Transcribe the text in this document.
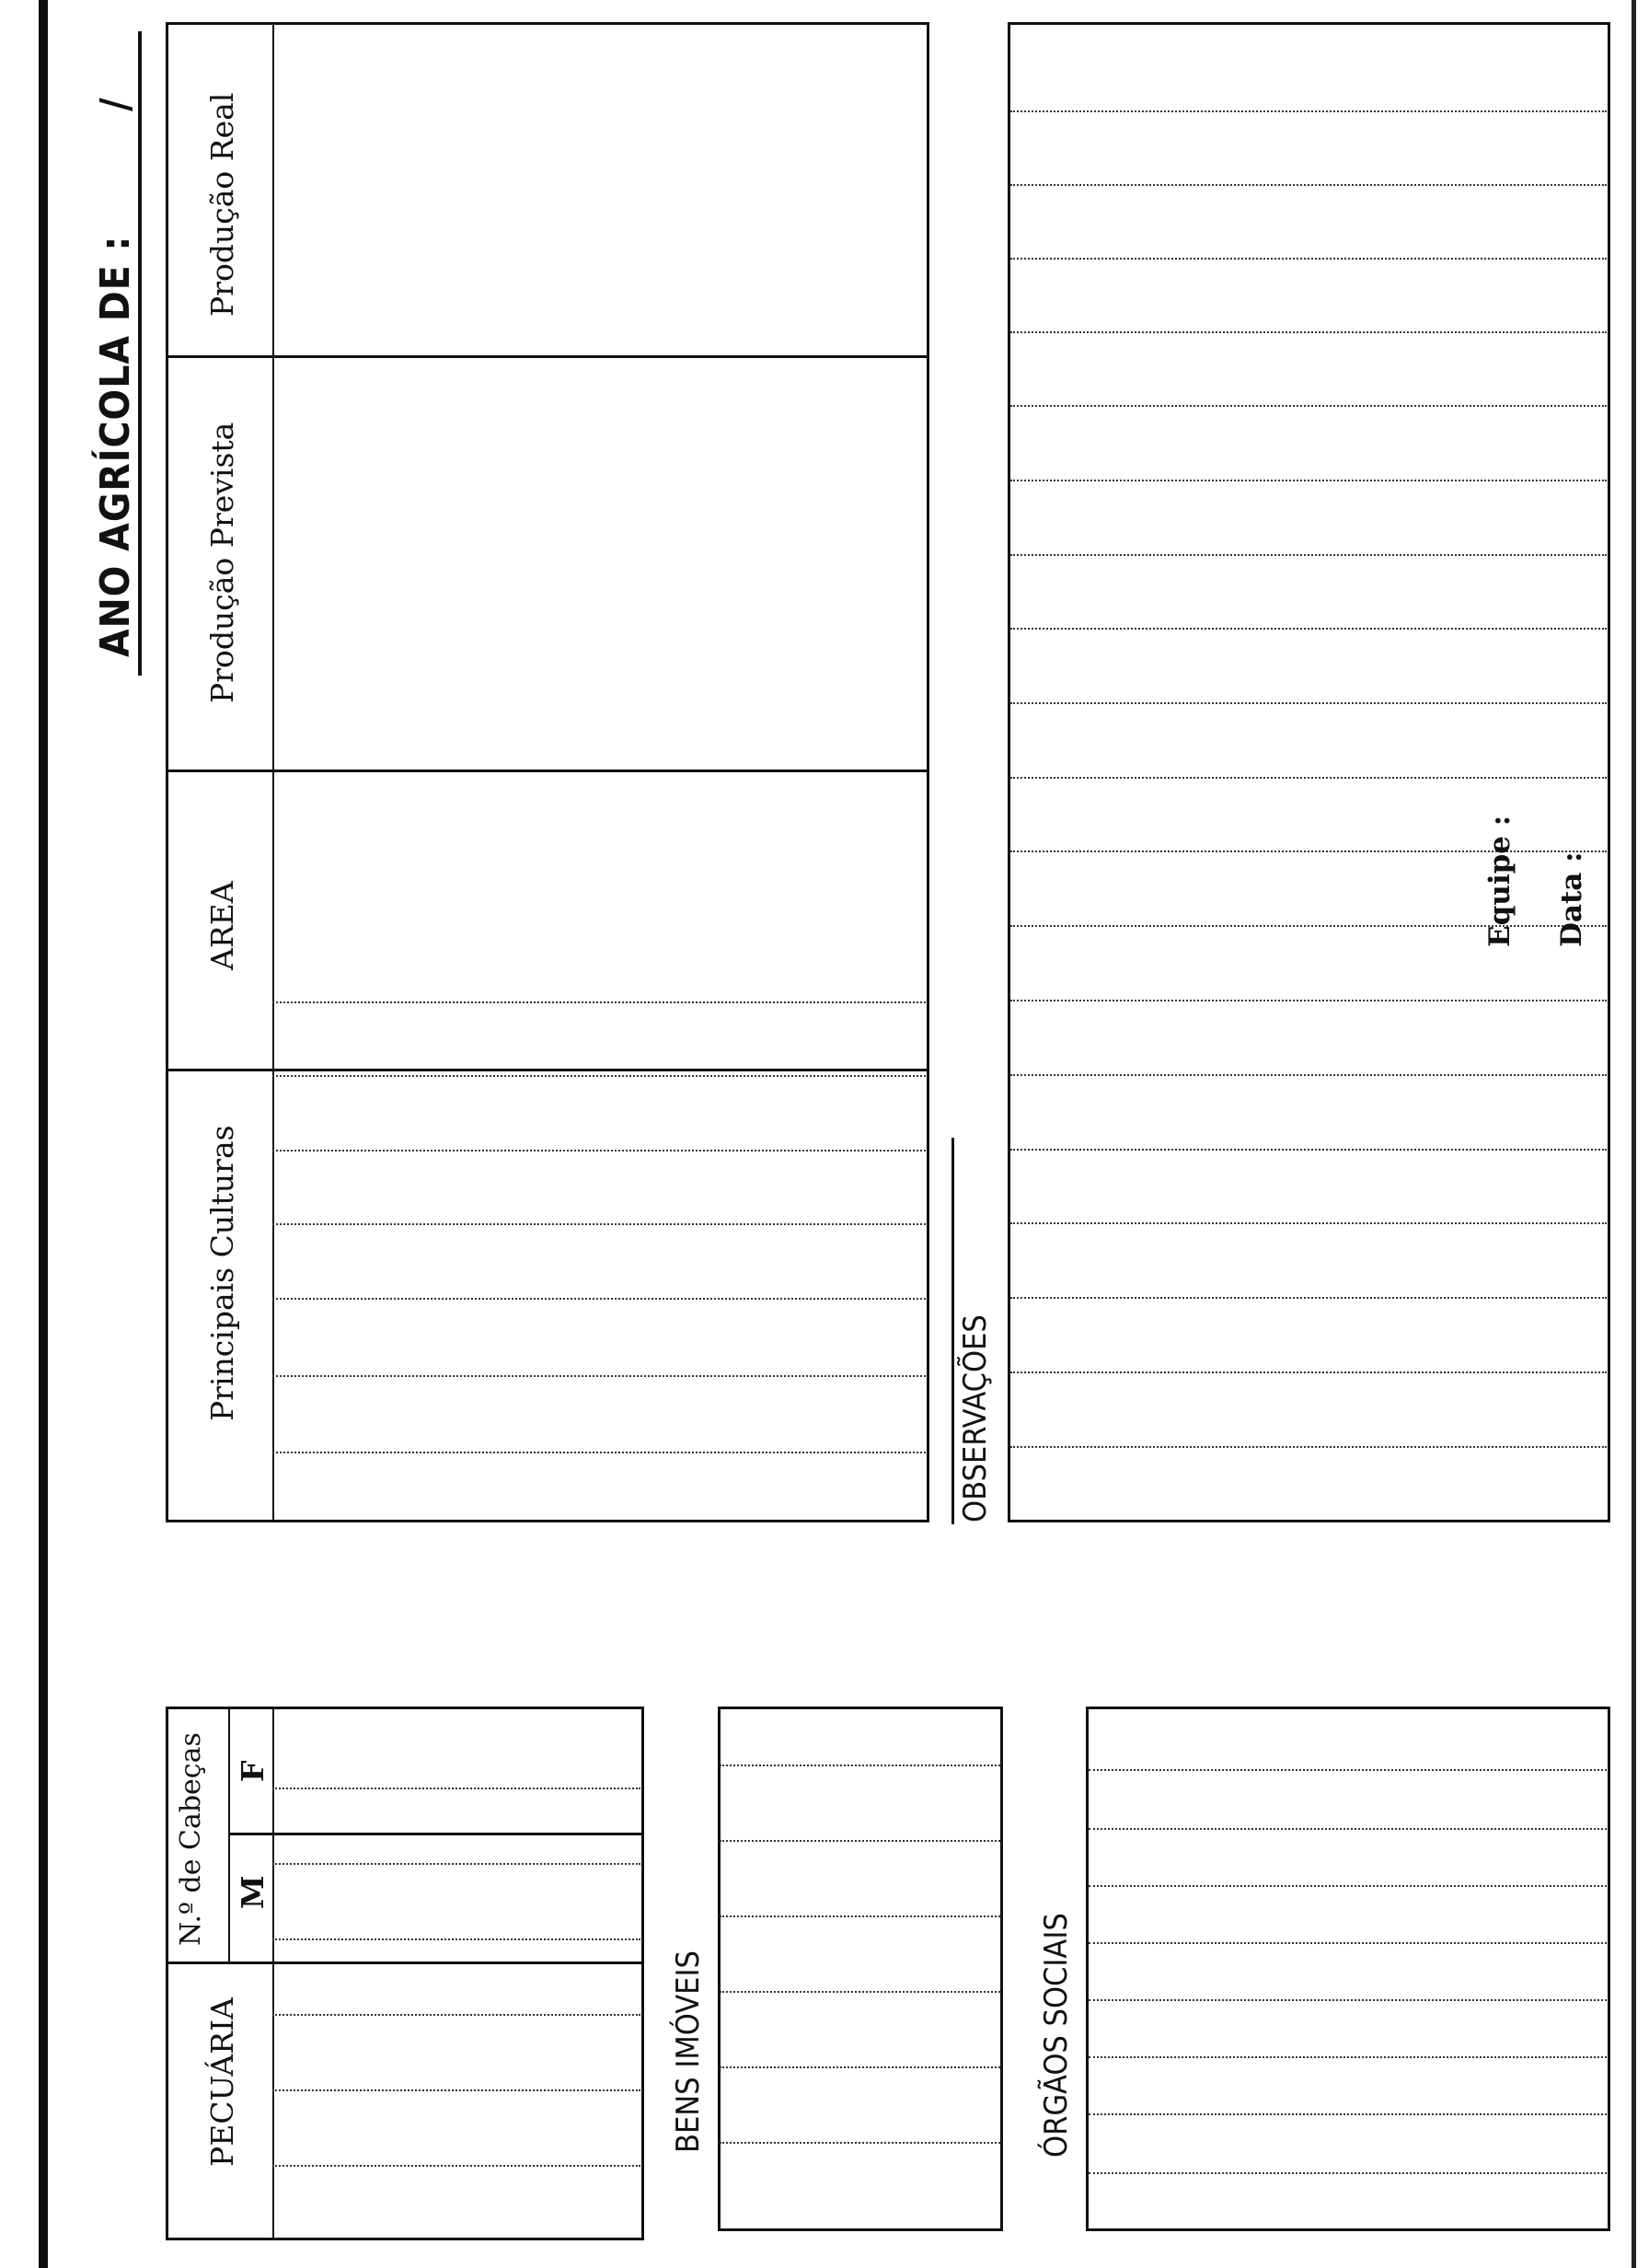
ANO AGRÍCOLA DE : /
Principais Culturas
AREA
Produção Prevista
Produção Real
PECUÁRIA
N.º de Cabeças M
F
BENS IMÓVEIS	ÓRGÃOS SOCIAIS
OBSERVAÇÕES
Equipe : Data :
